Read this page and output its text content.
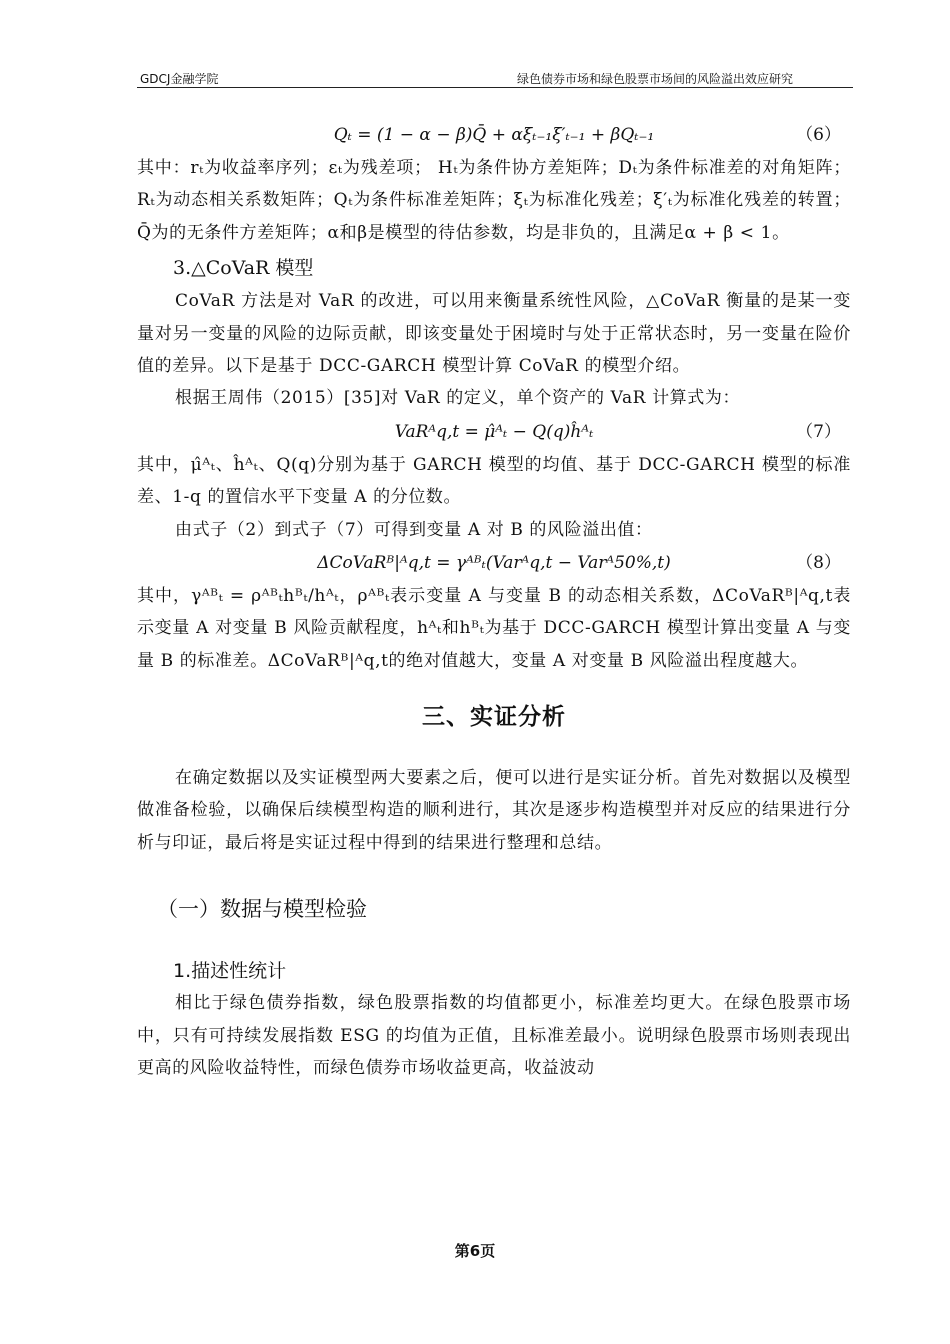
GDCJ金融学院	绿色债券市场和绿色股票市场间的风险溢出效应研究
Qₜ = (1 − α − β)Q̄ + αξₜ₋₁ξ′ₜ₋₁ + βQₜ₋₁	（6）

其中：rₜ为收益率序列；εₜ为残差项； Hₜ为条件协方差矩阵；Dₜ为条件标准差的对角矩阵；Rₜ为动态相关系数矩阵；Qₜ为条件标准差矩阵；ξₜ为标准化残差；ξ′ₜ为标准化残差的转置；Q̄为的无条件方差矩阵；α和β是模型的待估参数，均是非负的，且满足α + β < 1。

3.△CoVaR 模型

CoVaR 方法是对 VaR 的改进，可以用来衡量系统性风险，△CoVaR 衡量的是某一变量对另一变量的风险的边际贡献，即该变量处于困境时与处于正常状态时，另一变量在险价值的差异。以下是基于 DCC-GARCH 模型计算 CoVaR 的模型介绍。

根据王周伟（2015）[35]对 VaR 的定义，单个资产的 VaR 计算式为：

VaRᴬq,t = μ̂ᴬₜ − Q(q)ĥᴬₜ	（7）

其中，μ̂ᴬₜ、ĥᴬₜ、Q(q)分别为基于 GARCH 模型的均值、基于 DCC-GARCH 模型的标准差、1-q 的置信水平下变量 A 的分位数。

由式子（2）到式子（7）可得到变量 A 对 B 的风险溢出值：

ΔCoVaRᴮ|ᴬq,t = γᴬᴮₜ(Varᴬq,t − Varᴬ50%,t)	（8）

其中，γᴬᴮₜ = ρᴬᴮₜhᴮₜ/hᴬₜ，ρᴬᴮₜ表示变量 A 与变量 B 的动态相关系数，ΔCoVaRᴮ|ᴬq,t表示变量 A 对变量 B 风险贡献程度，hᴬₜ和hᴮₜ为基于 DCC-GARCH 模型计算出变量 A 与变量 B 的标准差。ΔCoVaRᴮ|ᴬq,t的绝对值越大，变量 A 对变量 B 风险溢出程度越大。

三、实证分析

在确定数据以及实证模型两大要素之后，便可以进行是实证分析。首先对数据以及模型做准备检验，以确保后续模型构造的顺利进行，其次是逐步构造模型并对反应的结果进行分析与印证，最后将是实证过程中得到的结果进行整理和总结。

（一）数据与模型检验
1.描述性统计

相比于绿色债券指数，绿色股票指数的均值都更小，标准差均更大。在绿色股票市场中，只有可持续发展指数 ESG 的均值为正值，且标准差最小。说明绿色股票市场则表现出更高的风险收益特性，而绿色债券市场收益更高，收益波动

第6页
